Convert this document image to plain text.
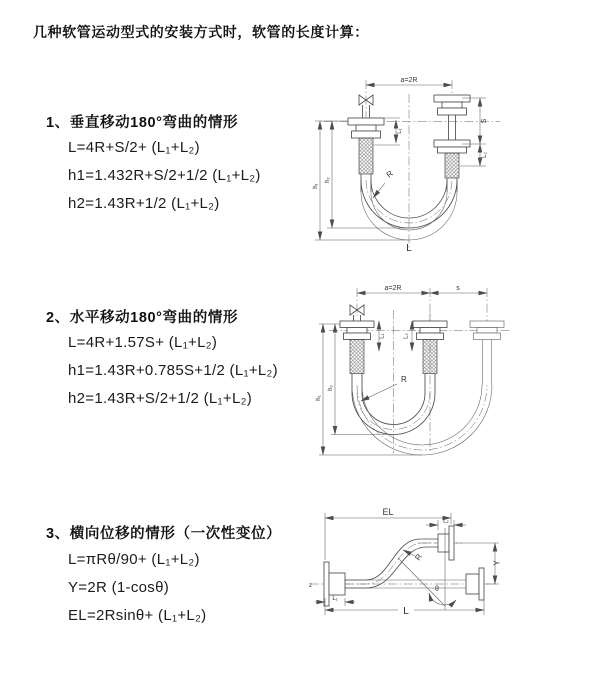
几种软管运动型式的安装方式时，软管的长度计算：
1、垂直移动180°弯曲的情形
L=4R+S/2+ (L₁+L₂)
h1=1.432R+S/2+1/2 (L₁+L₂)
h2=1.43R+1/2 (L₁+L₂)
a=2R
L₁
S
L₂
h₁
h₂
R
L
2、水平移动180°弯曲的情形
L=4R+1.57S+ (L₁+L₂)
h1=1.43R+0.785S+1/2 (L₁+L₂)
h2=1.43R+S/2+1/2 (L₁+L₂)
a=2R	s
L₁	L₂
h₁
h₂
R
3、横向位移的情形（一次性变位）
L=πRθ/90+ (L₁+L₂)
Y=2R (1-cosθ)
EL=2Rsinθ+ (L₁+L₂)
z
EL
L₂
Y
θ
R
L₁
L
